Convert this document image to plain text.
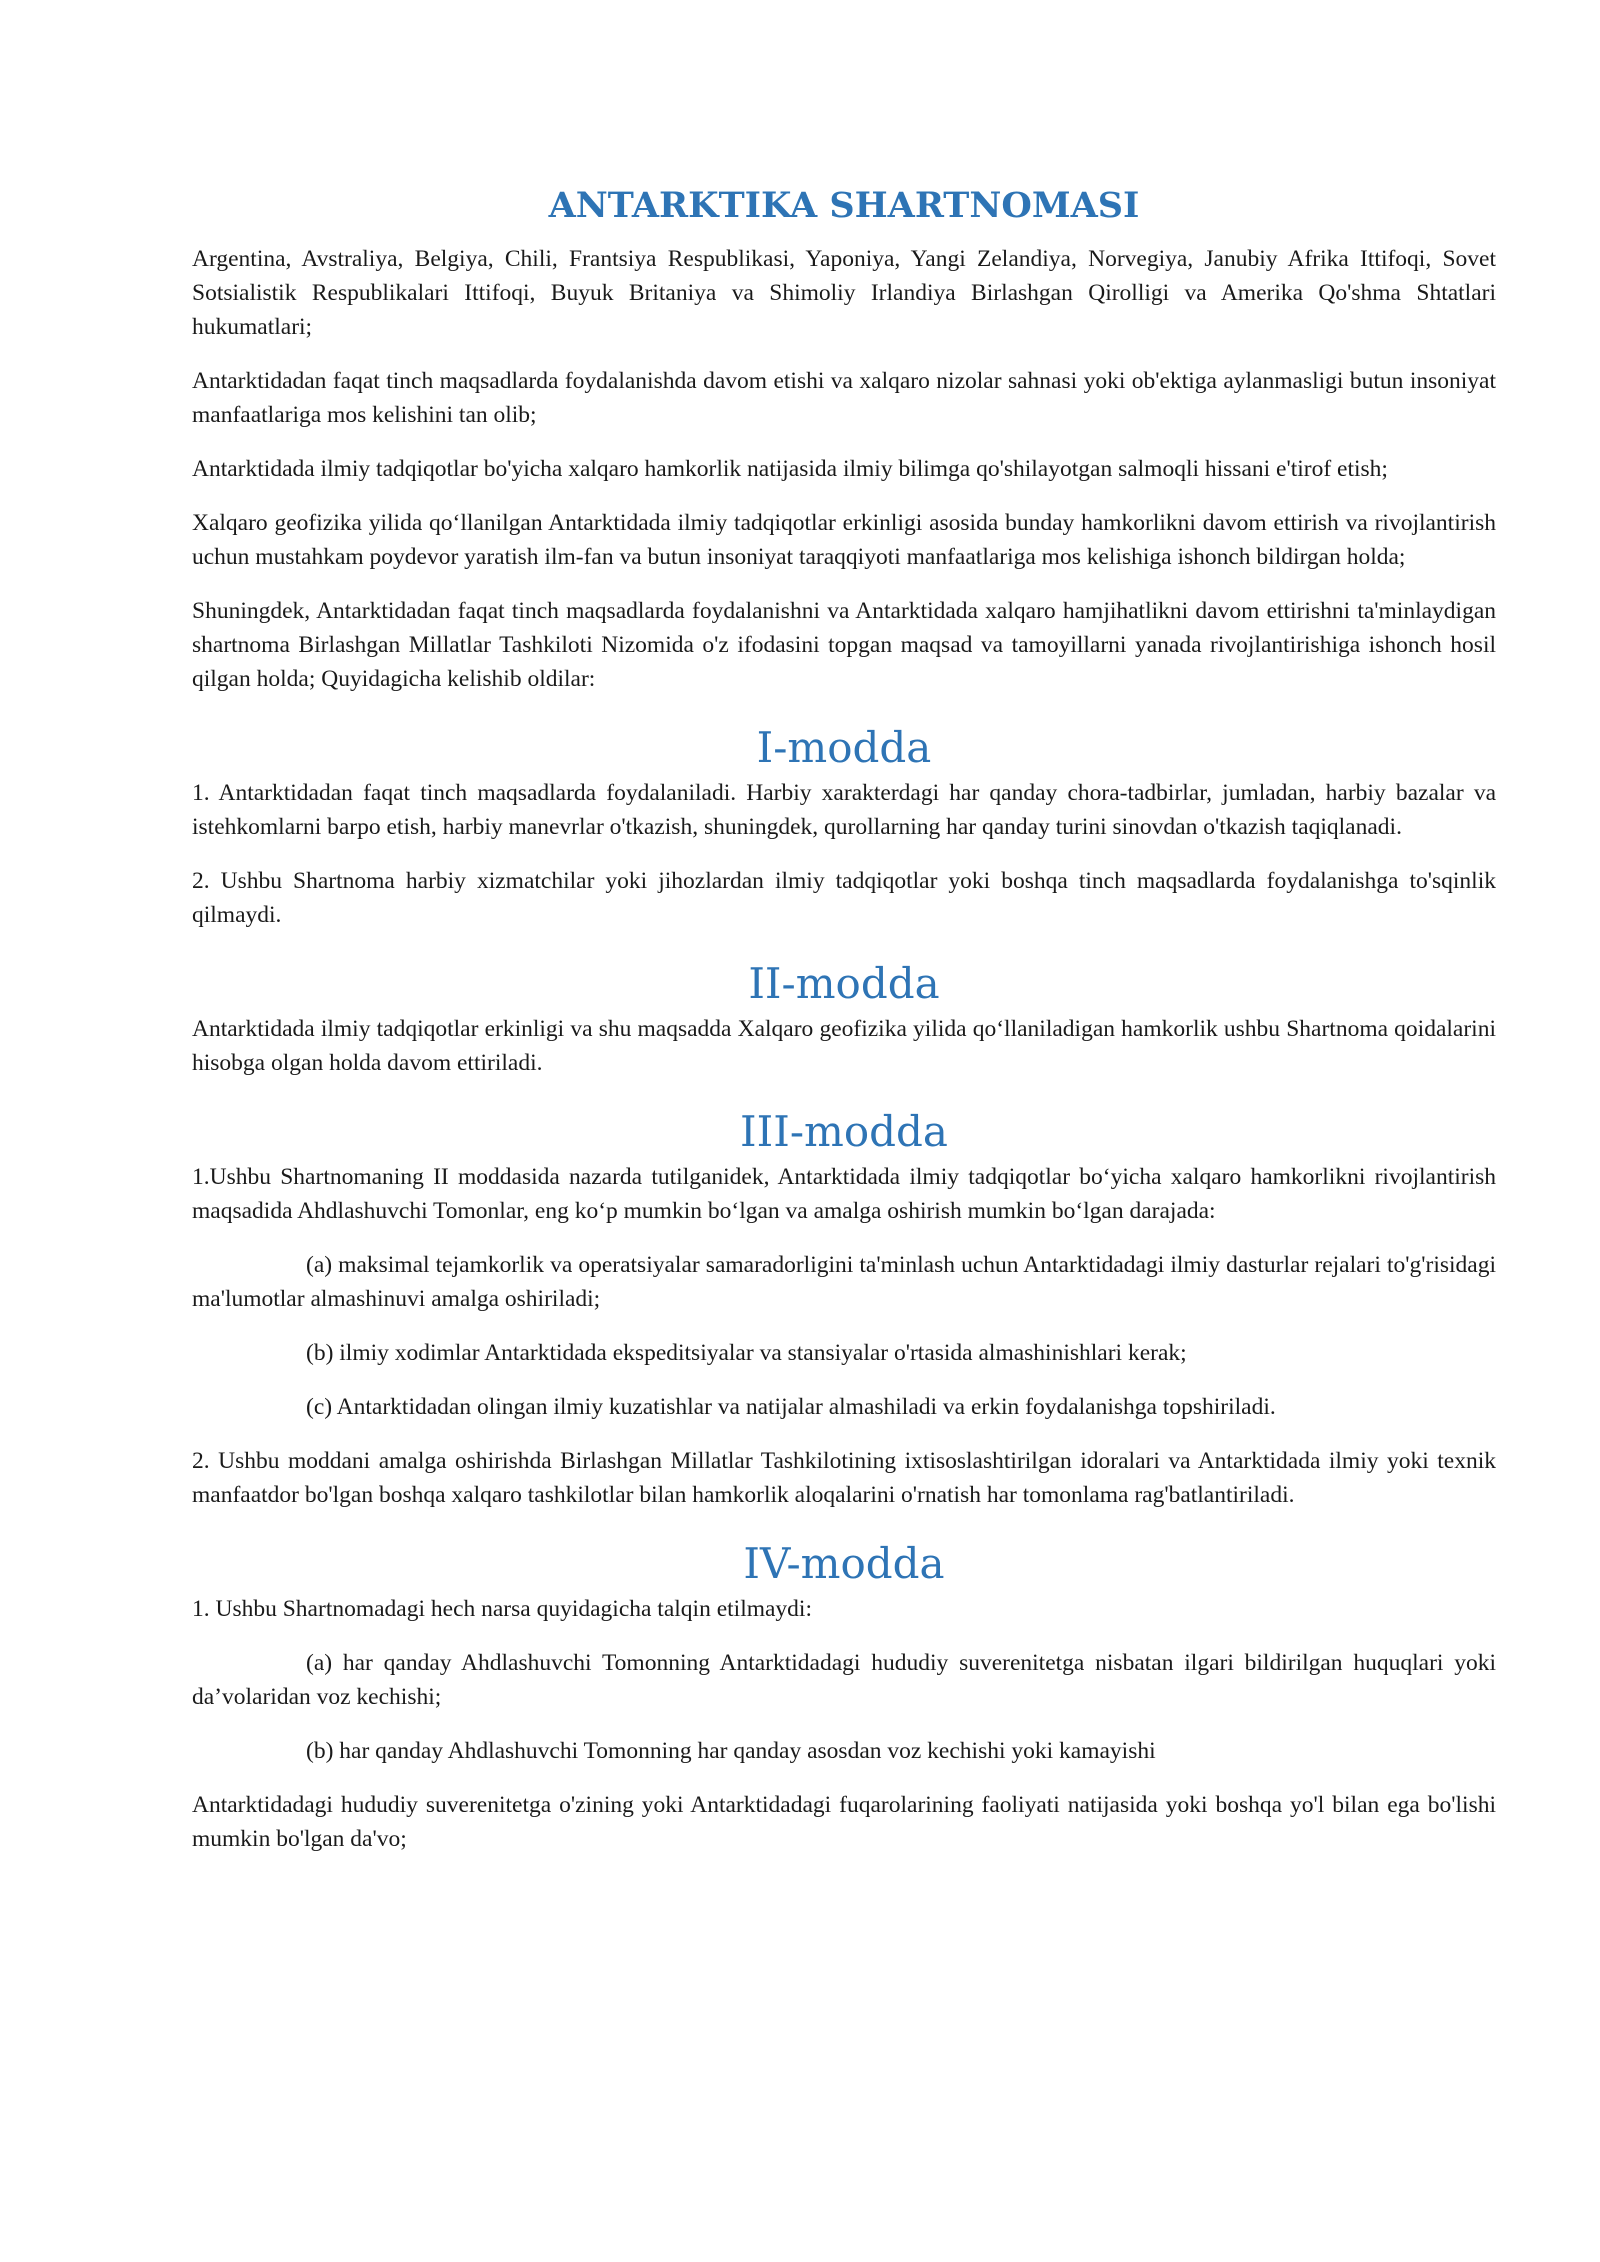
ANTARKTIKA SHARTNOMASI

Argentina, Avstraliya, Belgiya, Chili, Frantsiya Respublikasi, Yaponiya, Yangi Zelandiya, Norvegiya, Janubiy Afrika Ittifoqi, Sovet Sotsialistik Respublikalari Ittifoqi, Buyuk Britaniya va Shimoliy Irlandiya Birlashgan Qirolligi va Amerika Qo'shma Shtatlari hukumatlari;

Antarktidadan faqat tinch maqsadlarda foydalanishda davom etishi va xalqaro nizolar sahnasi yoki ob'ektiga aylanmasligi butun insoniyat manfaatlariga mos kelishini tan olib;

Antarktidada ilmiy tadqiqotlar bo'yicha xalqaro hamkorlik natijasida ilmiy bilimga qo'shilayotgan salmoqli hissani e'tirof etish;

Xalqaro geofizika yilida qo‘llanilgan Antarktidada ilmiy tadqiqotlar erkinligi asosida bunday hamkorlikni davom ettirish va rivojlantirish uchun mustahkam poydevor yaratish ilm-fan va butun insoniyat taraqqiyoti manfaatlariga mos kelishiga ishonch bildirgan holda;

Shuningdek, Antarktidadan faqat tinch maqsadlarda foydalanishni va Antarktidada xalqaro hamjihatlikni davom ettirishni ta'minlaydigan shartnoma Birlashgan Millatlar Tashkiloti Nizomida o'z ifodasini topgan maqsad va tamoyillarni yanada rivojlantirishiga ishonch hosil qilgan holda; Quyidagicha kelishib oldilar:

I-modda

1. Antarktidadan faqat tinch maqsadlarda foydalaniladi. Harbiy xarakterdagi har qanday chora-tadbirlar, jumladan, harbiy bazalar va istehkomlarni barpo etish, harbiy manevrlar o'tkazish, shuningdek, qurollarning har qanday turini sinovdan o'tkazish taqiqlanadi.

2. Ushbu Shartnoma harbiy xizmatchilar yoki jihozlardan ilmiy tadqiqotlar yoki boshqa tinch maqsadlarda foydalanishga to'sqinlik qilmaydi.

II-modda

Antarktidada ilmiy tadqiqotlar erkinligi va shu maqsadda Xalqaro geofizika yilida qo‘llaniladigan hamkorlik ushbu Shartnoma qoidalarini hisobga olgan holda davom ettiriladi.

III-modda

1.Ushbu Shartnomaning II moddasida nazarda tutilganidek, Antarktidada ilmiy tadqiqotlar bo‘yicha xalqaro hamkorlikni rivojlantirish maqsadida Ahdlashuvchi Tomonlar, eng ko‘p mumkin bo‘lgan va amalga oshirish mumkin bo‘lgan darajada:

(a) maksimal tejamkorlik va operatsiyalar samaradorligini ta'minlash uchun Antarktidadagi ilmiy dasturlar rejalari to'g'risidagi ma'lumotlar almashinuvi amalga oshiriladi;

(b) ilmiy xodimlar Antarktidada ekspeditsiyalar va stansiyalar o'rtasida almashinishlari kerak;

(c) Antarktidadan olingan ilmiy kuzatishlar va natijalar almashiladi va erkin foydalanishga topshiriladi.

2. Ushbu moddani amalga oshirishda Birlashgan Millatlar Tashkilotining ixtisoslashtirilgan idoralari va Antarktidada ilmiy yoki texnik manfaatdor bo'lgan boshqa xalqaro tashkilotlar bilan hamkorlik aloqalarini o'rnatish har tomonlama rag'batlantiriladi.

IV-modda

1. Ushbu Shartnomadagi hech narsa quyidagicha talqin etilmaydi:

(a) har qanday Ahdlashuvchi Tomonning Antarktidadagi hududiy suverenitetga nisbatan ilgari bildirilgan huquqlari yoki da’volaridan voz kechishi;

(b) har qanday Ahdlashuvchi Tomonning har qanday asosdan voz kechishi yoki kamayishi

Antarktidadagi hududiy suverenitetga o'zining yoki Antarktidadagi fuqarolarining faoliyati natijasida yoki boshqa yo'l bilan ega bo'lishi mumkin bo'lgan da'vo;
